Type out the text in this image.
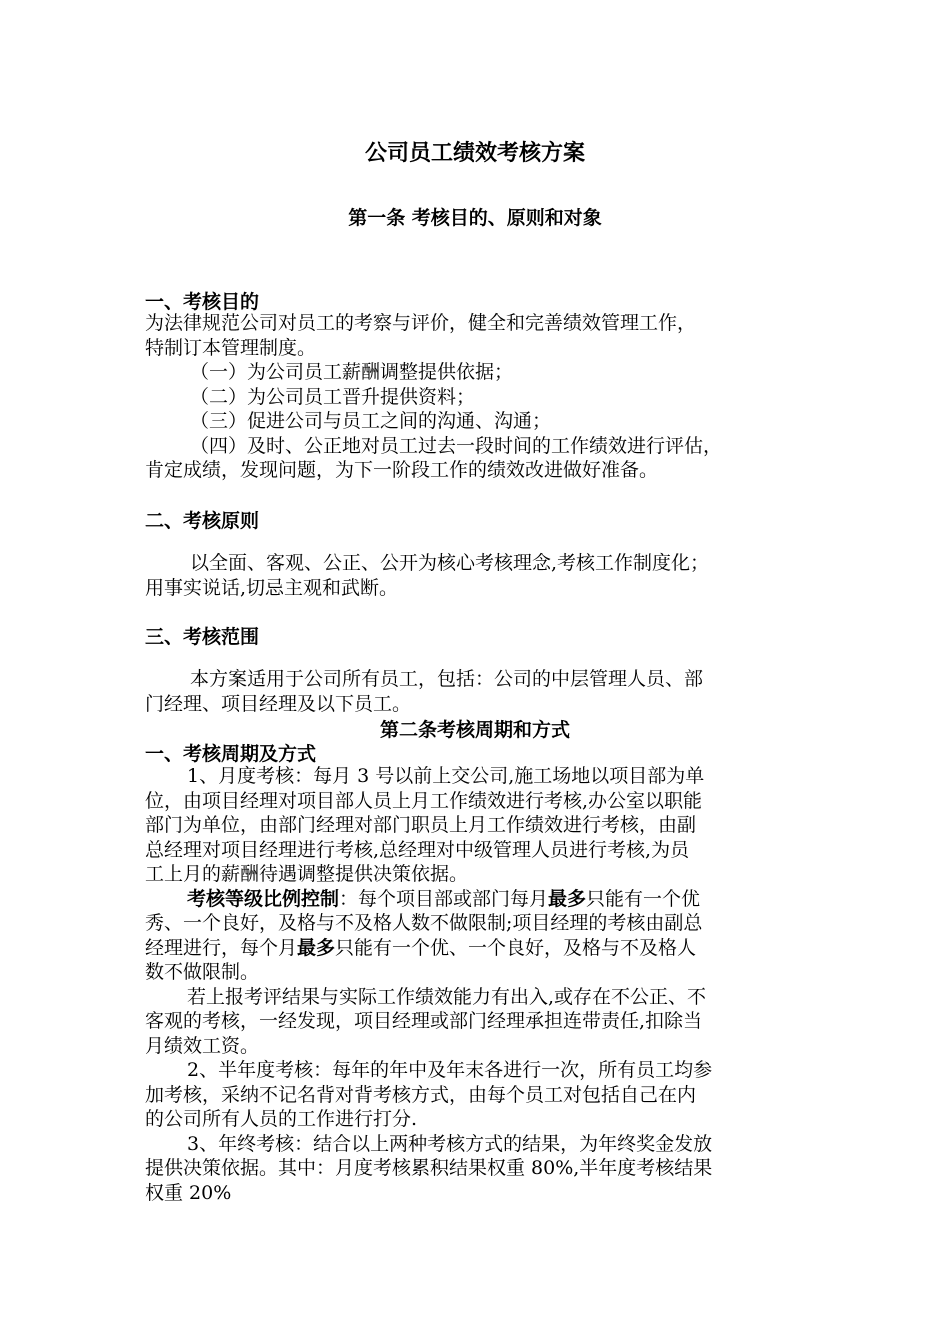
公司员工绩效考核方案
第一条 考核目的、原则和对象
一、考核目的
为法律规范公司对员工的考察与评价，健全和完善绩效管理工作，
特制订本管理制度。
（一）为公司员工薪酬调整提供依据；
（二）为公司员工晋升提供资料；
（三）促进公司与员工之间的沟通、沟通；
（四）及时、公正地对员工过去一段时间的工作绩效进行评估，
肯定成绩，发现问题，为下一阶段工作的绩效改进做好准备。
二、考核原则
以全面、客观、公正、公开为核心考核理念,考核工作制度化；
用事实说话,切忌主观和武断。
三、考核范围
本方案适用于公司所有员工，包括：公司的中层管理人员、部
门经理、项目经理及以下员工。
第二条考核周期和方式
一、考核周期及方式
1、月度考核：每月 3 号以前上交公司,施工场地以项目部为单
位，由项目经理对项目部人员上月工作绩效进行考核,办公室以职能
部门为单位，由部门经理对部门职员上月工作绩效进行考核，由副
总经理对项目经理进行考核,总经理对中级管理人员进行考核,为员
工上月的薪酬待遇调整提供决策依据。
考核等级比例控制：每个项目部或部门每月最多只能有一个优
秀、一个良好，及格与不及格人数不做限制;项目经理的考核由副总
经理进行，每个月最多只能有一个优、一个良好，及格与不及格人
数不做限制。
若上报考评结果与实际工作绩效能力有出入,或存在不公正、不
客观的考核，一经发现，项目经理或部门经理承担连带责任,扣除当
月绩效工资。
2、半年度考核：每年的年中及年末各进行一次，所有员工均参
加考核，采纳不记名背对背考核方式，由每个员工对包括自己在内
的公司所有人员的工作进行打分.
3、年终考核：结合以上两种考核方式的结果，为年终奖金发放
提供决策依据。其中：月度考核累积结果权重 80%,半年度考核结果
权重 20%
